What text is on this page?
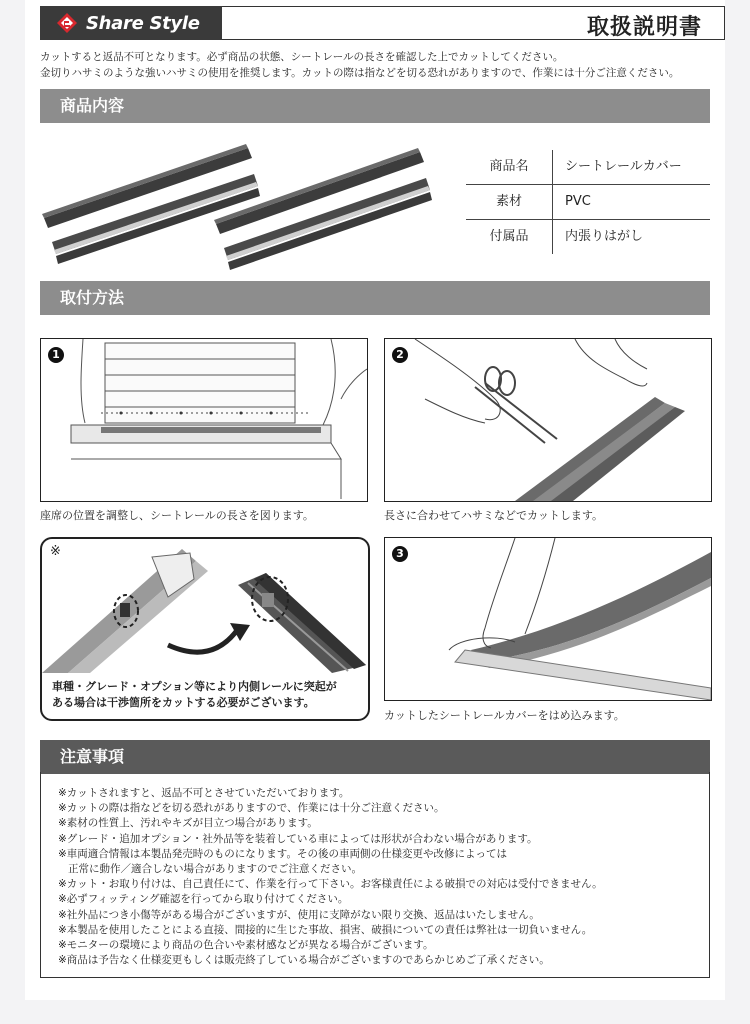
Share Style	取扱説明書
カットすると返品不可となります。必ず商品の状態、シートレールの長さを確認した上でカットしてください。
金切りハサミのような強いハサミの使用を推奨します。カットの際は指などを切る恐れがありますので、作業には十分ご注意ください。
商品内容
商品名	シートレールカバー
素材	PVC
付属品	内張りはがし
取付方法
1
座席の位置を調整し、シートレールの長さを図ります。
2
長さに合わせてハサミなどでカットします。
車種・グレード・オプション等により内側レールに突起が
ある場合は干渉箇所をカットする必要がございます。
※	3
カットしたシートレールカバーをはめ込みます。
注意事項
※カットされますと、返品不可とさせていただいております。
※カットの際は指などを切る恐れがありますので、作業には十分ご注意ください。
※素材の性質上、汚れやキズが目立つ場合があります。
※グレード・追加オプション・社外品等を装着している車によっては形状が合わない場合があります。
※車両適合情報は本製品発売時のものになります。その後の車両側の仕様変更や改修によっては
正常に動作／適合しない場合がありますのでご注意ください。
※カット・お取り付けは、自己責任にて、作業を行って下さい。お客様責任による破損での対応は受付できません。
※必ずフィッティング確認を行ってから取り付けてください。
※社外品につき小傷等がある場合がございますが、使用に支障がない限り交換、返品はいたしません。
※本製品を使用したことによる直接、間接的に生じた事故、損害、破損についての責任は弊社は一切負いません。
※モニターの環境により商品の色合いや素材感などが異なる場合がございます。
※商品は予告なく仕様変更もしくは販売終了している場合がございますのであらかじめご了承ください。
